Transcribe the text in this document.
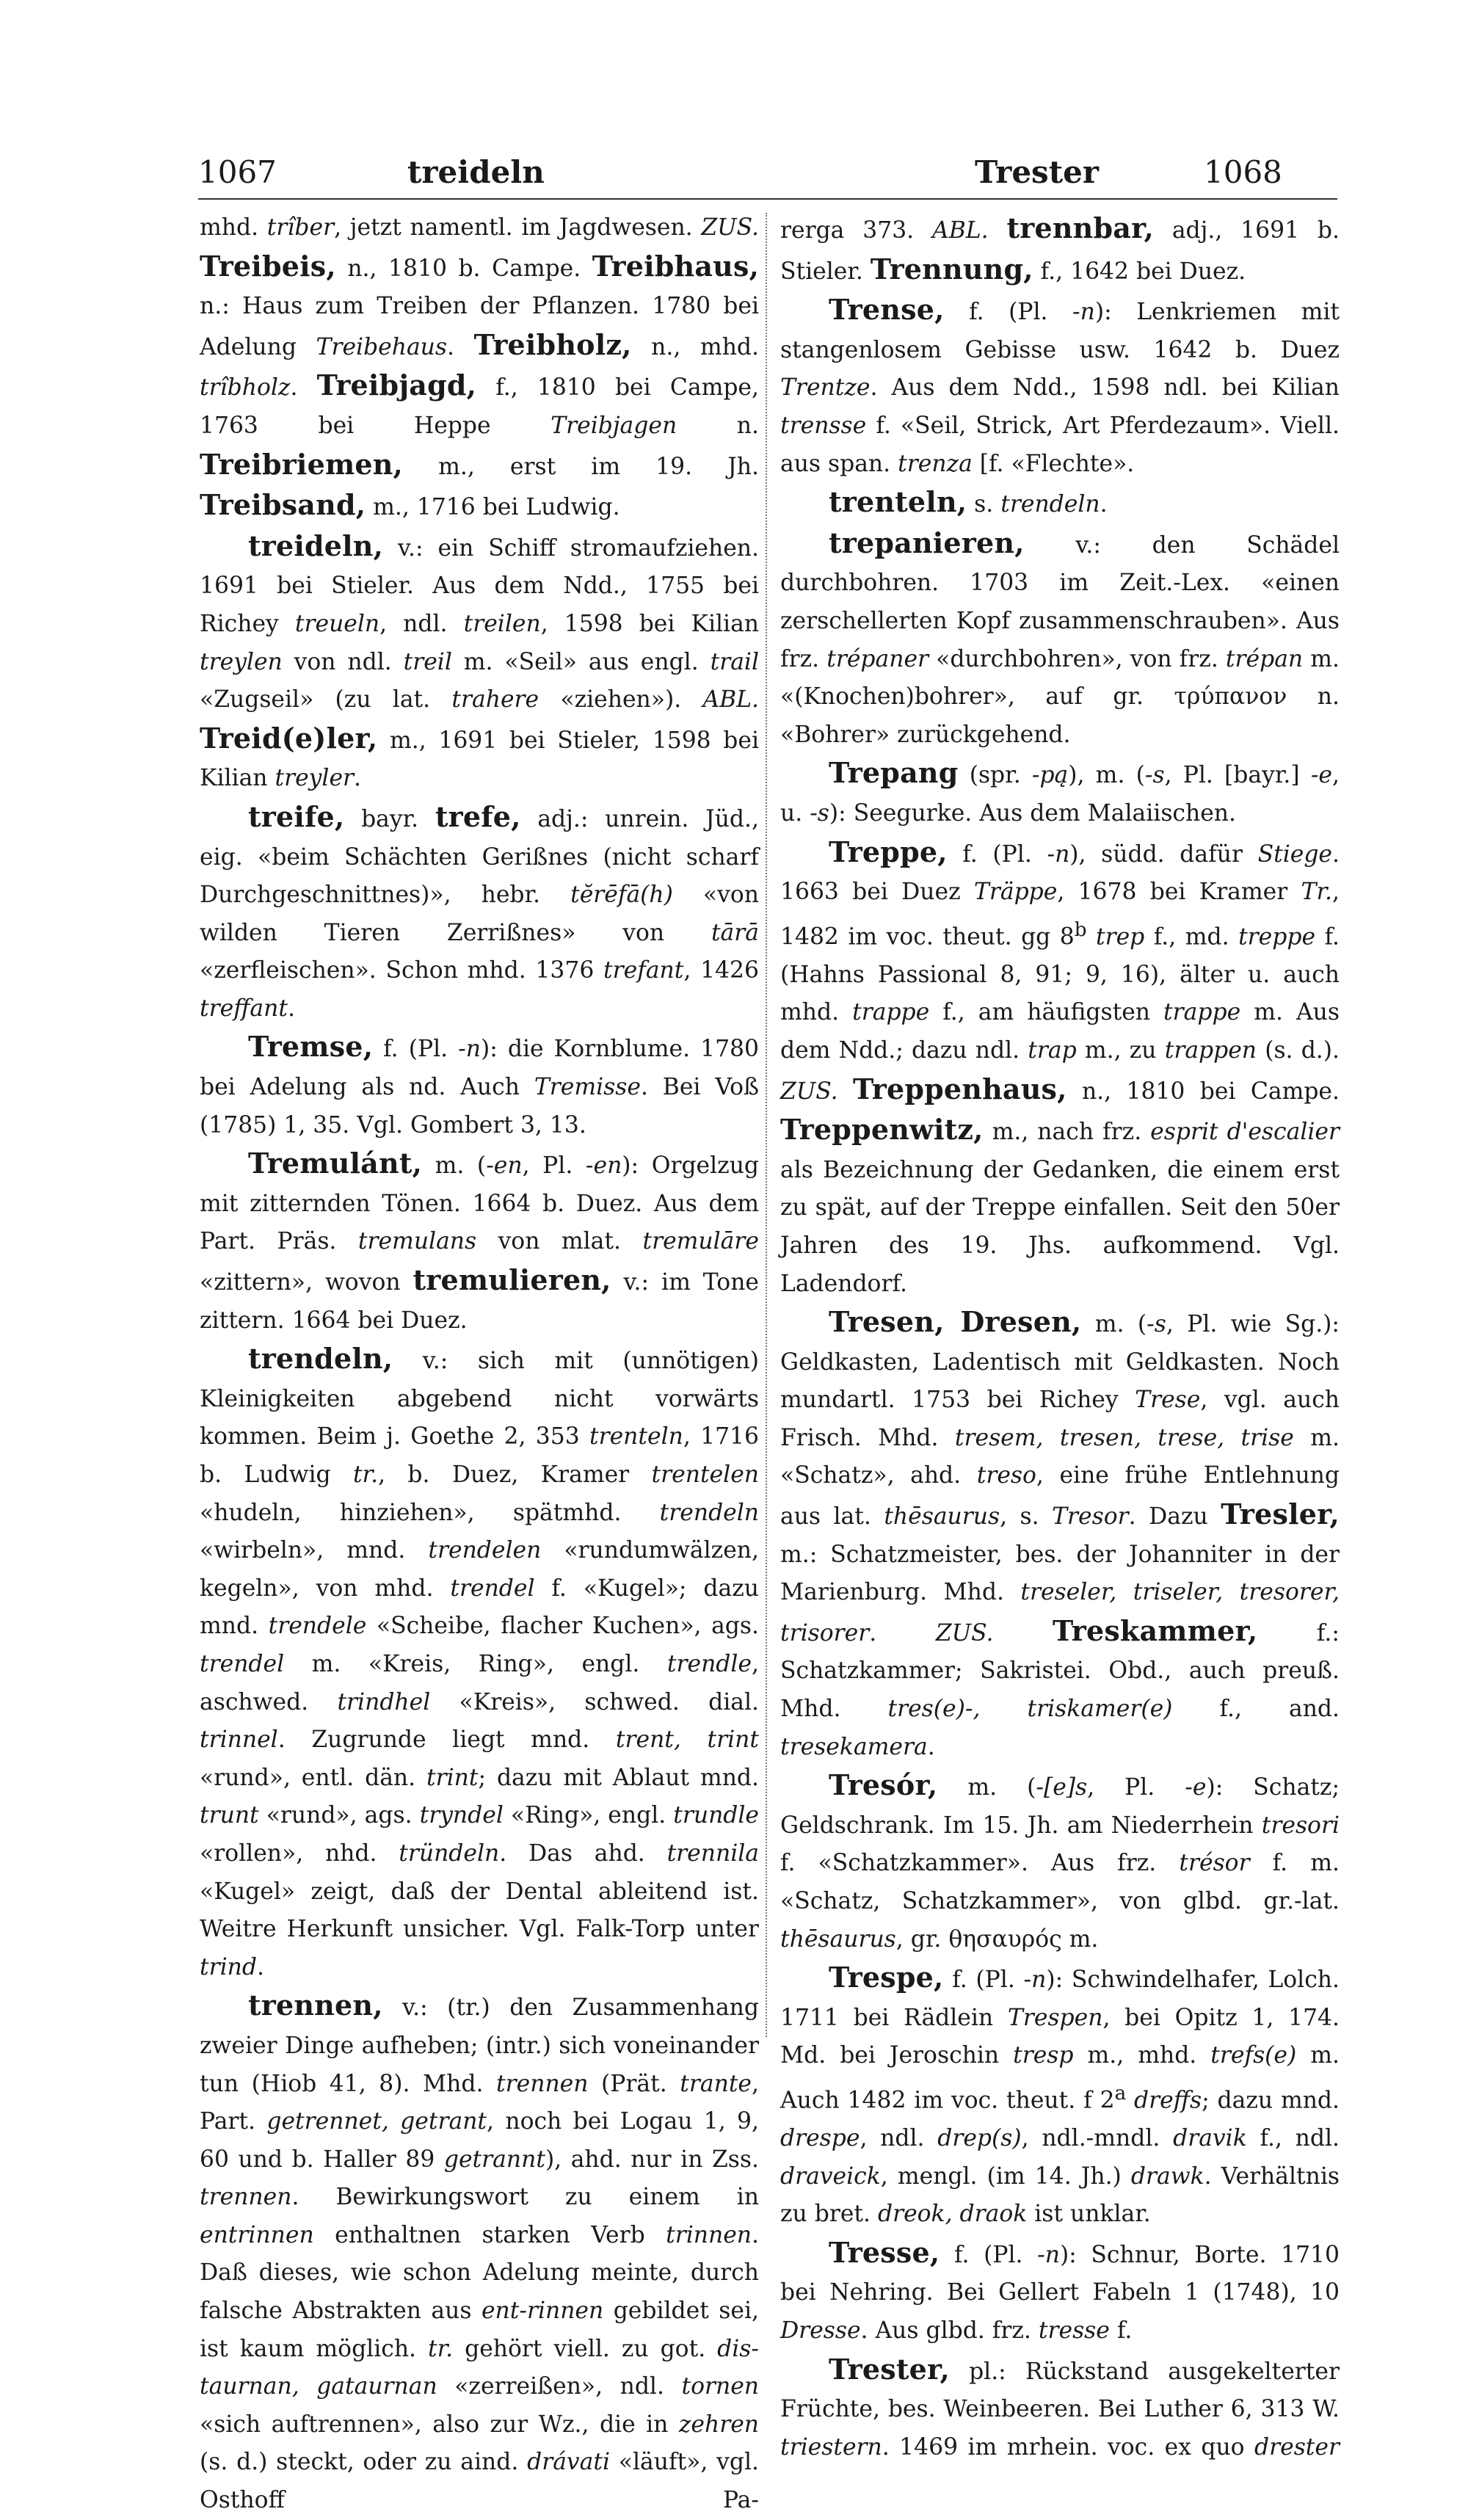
1067	treideln	Trester	1068

mhd. trîber, jetzt namentl. im Jagdwesen. ZUS. Treibeis, n., 1810 b. Campe. Treibhaus, n.: Haus zum Treiben der Pflanzen. 1780 bei Adelung Treibehaus. Treibholz, n., mhd. trîbholz. Treibjagd, f., 1810 bei Campe, 1763 bei Heppe Treibjagen n. Treibriemen, m., erst im 19. Jh. Treibsand, m., 1716 bei Ludwig.

treideln, v.: ein Schiff stromaufziehen. 1691 bei Stieler. Aus dem Ndd., 1755 bei Richey treueln, ndl. treilen, 1598 bei Kilian treylen von ndl. treil m. «Seil» aus engl. trail «Zugseil» (zu lat. trahere «ziehen»). ABL. Treid(e)ler, m., 1691 bei Stieler, 1598 bei Kilian treyler.

treife, bayr. trefe, adj.: unrein. Jüd., eig. «beim Schächten Gerißnes (nicht scharf Durchgeschnittnes)», hebr. tĕrēfā(h) «von wilden Tieren Zerrißnes» von tārā «zerfleischen». Schon mhd. 1376 trefant, 1426 treffant.

Tremse, f. (Pl. -n): die Kornblume. 1780 bei Adelung als nd. Auch Tremisse. Bei Voß (1785) 1, 35. Vgl. Gombert 3, 13.

Tremulánt, m. (-en, Pl. -en): Orgelzug mit zitternden Tönen. 1664 b. Duez. Aus dem Part. Präs. tremulans von mlat. tremulāre «zittern», wovon tremulieren, v.: im Tone zittern. 1664 bei Duez.

trendeln, v.: sich mit (unnötigen) Kleinigkeiten abgebend nicht vorwärts kommen. Beim j. Goethe 2, 353 trenteln, 1716 b. Ludwig tr., b. Duez, Kramer trentelen «hudeln, hinziehen», spätmhd. trendeln «wirbeln», mnd. trendelen «rundumwälzen, kegeln», von mhd. trendel f. «Kugel»; dazu mnd. trendele «Scheibe, flacher Kuchen», ags. trendel m. «Kreis, Ring», engl. trendle, aschwed. trindhel «Kreis», schwed. dial. trinnel. Zugrunde liegt mnd. trent, trint «rund», entl. dän. trint; dazu mit Ablaut mnd. trunt «rund», ags. tryndel «Ring», engl. trundle «rollen», nhd. tründeln. Das ahd. trennila «Kugel» zeigt, daß der Dental ableitend ist. Weitre Herkunft unsicher. Vgl. Falk-Torp unter trind.

trennen, v.: (tr.) den Zusammenhang zweier Dinge aufheben; (intr.) sich voneinander tun (Hiob 41, 8). Mhd. trennen (Prät. trante, Part. getrennet, getrant, noch bei Logau 1, 9, 60 und b. Haller 89 getrannt), ahd. nur in Zss. trennen. Bewirkungswort zu einem in entrinnen enthaltnen starken Verb trinnen. Daß dieses, wie schon Adelung meinte, durch falsche Abstrakten aus ent-rinnen gebildet sei, ist kaum möglich. tr. gehört viell. zu got. dis-taurnan, gataurnan «zerreißen», ndl. tornen «sich auftrennen», also zur Wz., die in zehren (s. d.) steckt, oder zu aind. drávati «läuft», vgl. Osthoff Pa-

rerga 373. ABL. trennbar, adj., 1691 b. Stieler. Trennung, f., 1642 bei Duez.

Trense, f. (Pl. -n): Lenkriemen mit stangenlosem Gebisse usw. 1642 b. Duez Trentze. Aus dem Ndd., 1598 ndl. bei Kilian trensse f. «Seil, Strick, Art Pferdezaum». Viell. aus span. trenza [f. «Flechte».

trenteln, s. trendeln.

trepanieren, v.: den Schädel durchbohren. 1703 im Zeit.-Lex. «einen zerschellerten Kopf zusammenschrauben». Aus frz. trépaner «durchbohren», von frz. trépan m. «(Knochen)bohrer», auf gr. τρύπανον n. «Bohrer» zurückgehend.

Trepang (spr. -pą), m. (-s, Pl. [bayr.] -e, u. -s): Seegurke. Aus dem Malaiischen.

Treppe, f. (Pl. -n), südd. dafür Stiege. 1663 bei Duez Träppe, 1678 bei Kramer Tr., 1482 im voc. theut. gg 8$^b$ trep f., md. treppe f. (Hahns Passional 8, 91; 9, 16), älter u. auch mhd. trappe f., am häufigsten trappe m. Aus dem Ndd.; dazu ndl. trap m., zu trappen (s. d.). ZUS. Treppenhaus, n., 1810 bei Campe. Treppenwitz, m., nach frz. esprit d'escalier als Bezeichnung der Gedanken, die einem erst zu spät, auf der Treppe einfallen. Seit den 50er Jahren des 19. Jhs. aufkommend. Vgl. Ladendorf.

Tresen, Dresen, m. (-s, Pl. wie Sg.): Geldkasten, Ladentisch mit Geldkasten. Noch mundartl. 1753 bei Richey Trese, vgl. auch Frisch. Mhd. tresem, tresen, trese, trise m. «Schatz», ahd. treso, eine frühe Entlehnung aus lat. thēsaurus, s. Tresor. Dazu Tresler, m.: Schatzmeister, bes. der Johanniter in der Marienburg. Mhd. treseler, triseler, tresorer, trisorer. ZUS. Treskammer, f.: Schatzkammer; Sakristei. Obd., auch preuß. Mhd. tres(e)-, triskamer(e) f., and. tresekamera.

Tresór, m. (-[e]s, Pl. -e): Schatz; Geldschrank. Im 15. Jh. am Niederrhein tresori f. «Schatzkammer». Aus frz. trésor f. m. «Schatz, Schatzkammer», von glbd. gr.-lat. thēsaurus, gr. θησαυρός m.

Trespe, f. (Pl. -n): Schwindelhafer, Lolch. 1711 bei Rädlein Trespen, bei Opitz 1, 174. Md. bei Jeroschin tresp m., mhd. trefs(e) m. Auch 1482 im voc. theut. f 2$^a$ dreffs; dazu mnd. drespe, ndl. drep(s), ndl.-mndl. dravik f., ndl. draveick, mengl. (im 14. Jh.) drawk. Verhältnis zu bret. dreok, draok ist unklar.

Tresse, f. (Pl. -n): Schnur, Borte. 1710 bei Nehring. Bei Gellert Fabeln 1 (1748), 10 Dresse. Aus glbd. frz. tresse f.

Trester, pl.: Rückstand ausgekelterter Früchte, bes. Weinbeeren. Bei Luther 6, 313 W. triestern. 1469 im mrhein. voc. ex quo drester
